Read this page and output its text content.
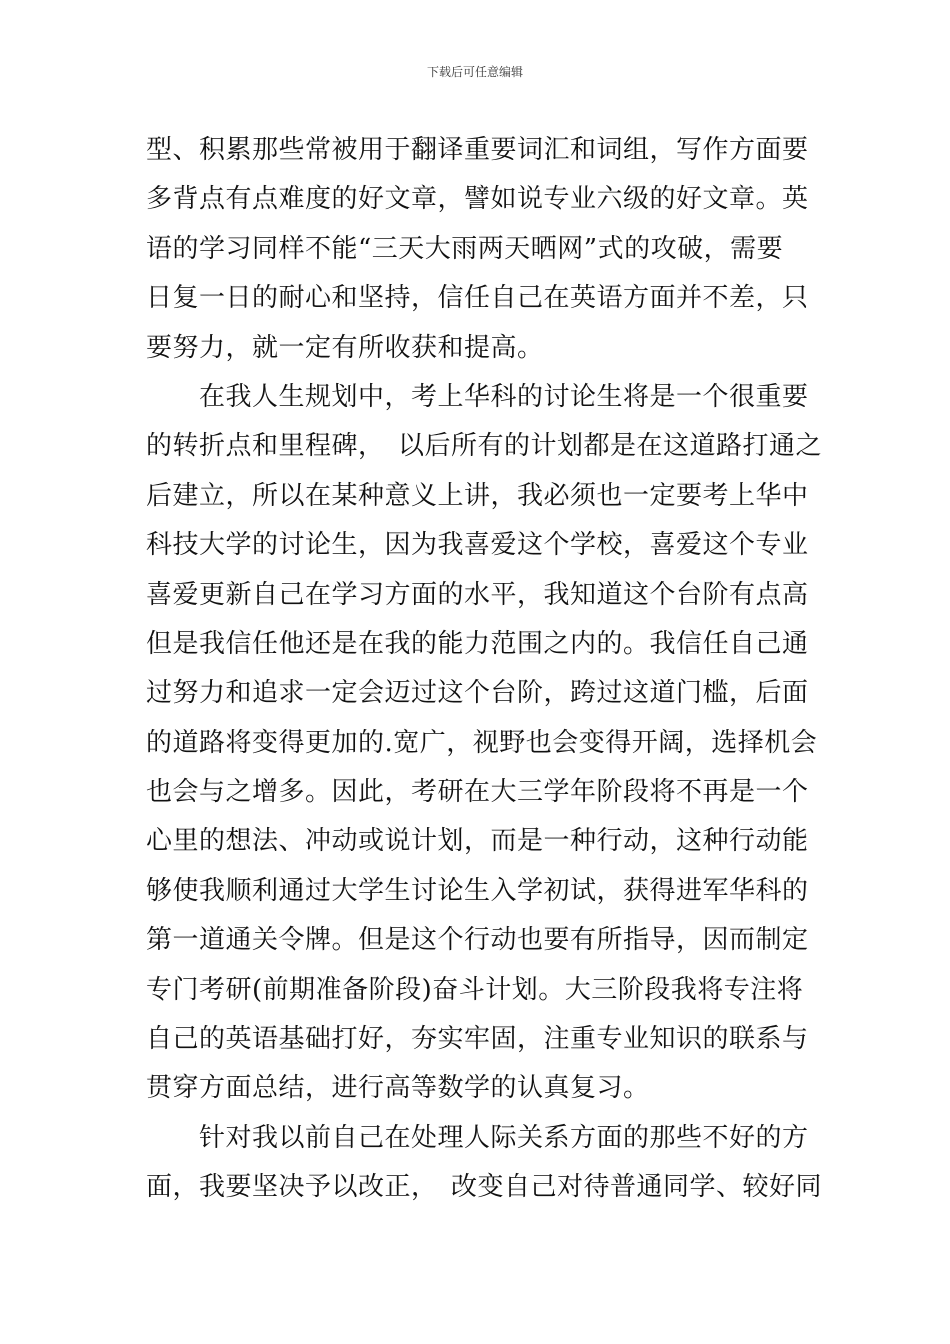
下载后可任意编辑
型、积累那些常被用于翻译重要词汇和词组，写作方面要
多背点有点难度的好文章，譬如说专业六级的好文章。英
语的学习同样不能“三天大雨两天晒网”式的攻破，需要
日复一日的耐心和坚持，信任自己在英语方面并不差，只
要努力，就一定有所收获和提高。
　　在我人生规划中，考上华科的讨论生将是一个很重要
的转折点和里程碑，　以后所有的计划都是在这道路打通之
后建立，所以在某种意义上讲，我必须也一定要考上华中
科技大学的讨论生，因为我喜爱这个学校，喜爱这个专业
喜爱更新自己在学习方面的水平，我知道这个台阶有点高
但是我信任他还是在我的能力范围之内的。我信任自己通
过努力和追求一定会迈过这个台阶，跨过这道门槛，后面
的道路将变得更加的.宽广，视野也会变得开阔，选择机会
也会与之增多。因此，考研在大三学年阶段将不再是一个
心里的想法、冲动或说计划，而是一种行动，这种行动能
够使我顺利通过大学生讨论生入学初试，获得进军华科的
第一道通关令牌。但是这个行动也要有所指导，因而制定
专门考研(前期准备阶段)奋斗计划。大三阶段我将专注将
自己的英语基础打好，夯实牢固，注重专业知识的联系与
贯穿方面总结，进行高等数学的认真复习。
　　针对我以前自己在处理人际关系方面的那些不好的方
面，我要坚决予以改正，　改变自己对待普通同学、较好同
